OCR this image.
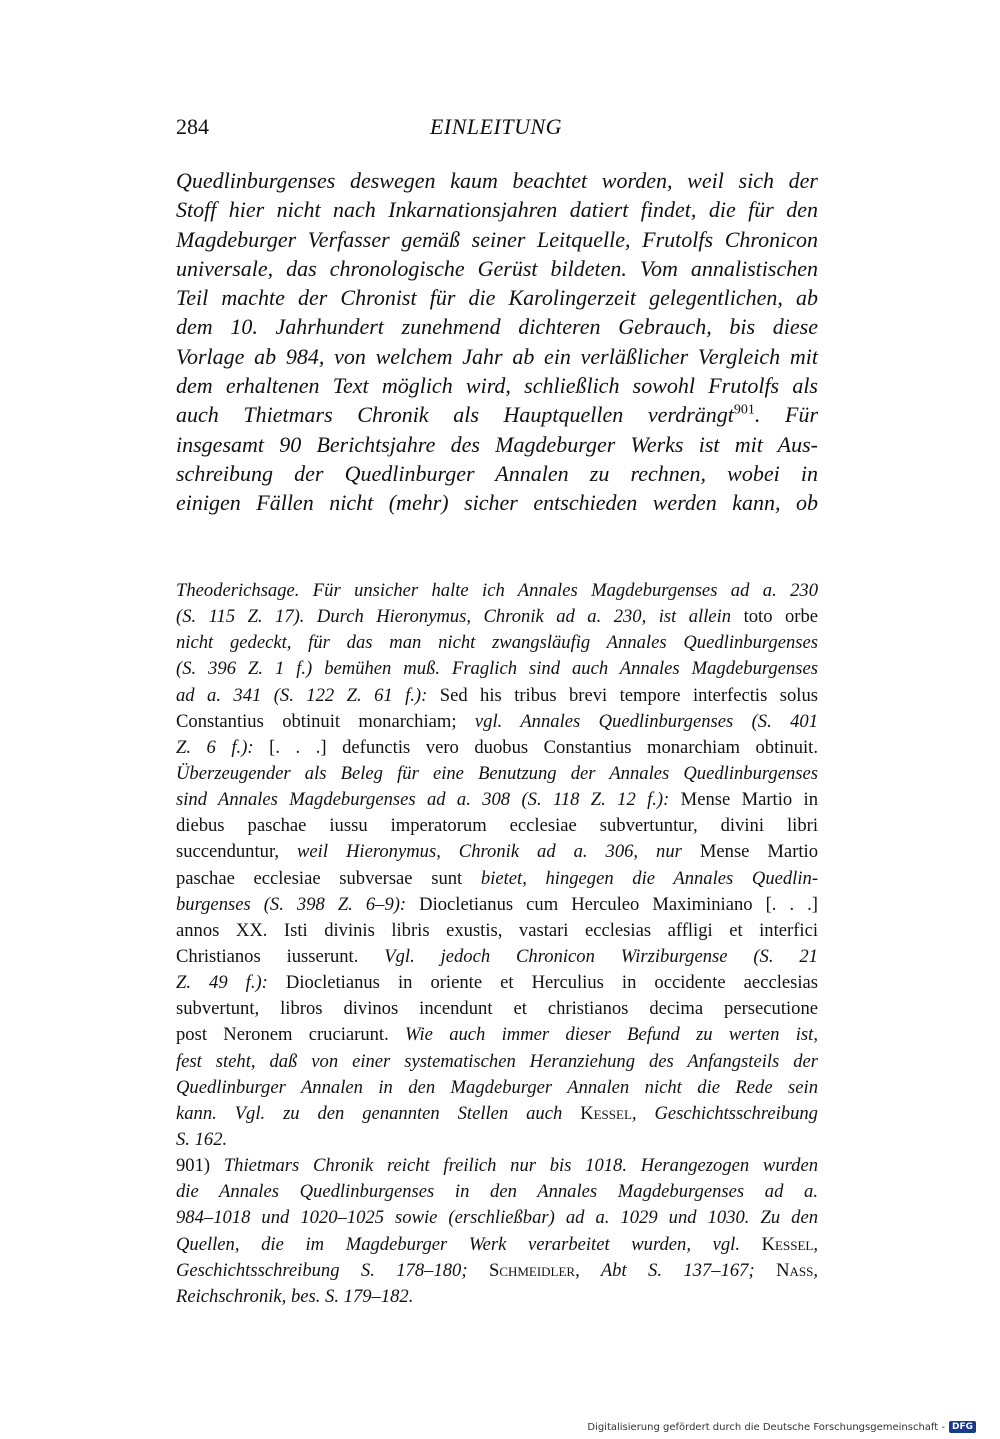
284	EINLEITUNG
Quedlinburgenses deswegen kaum beachtet worden, weil sich der
Stoff hier nicht nach Inkarnationsjahren datiert findet, die für den
Magdeburger Verfasser gemäß seiner Leitquelle, Frutolfs Chronicon
universale, das chronologische Gerüst bildeten. Vom annalistischen
Teil machte der Chronist für die Karolingerzeit gelegentlichen, ab
dem 10. Jahrhundert zunehmend dichteren Gebrauch, bis diese
Vorlage ab 984, von welchem Jahr ab ein verläßlicher Vergleich mit
dem erhaltenen Text möglich wird, schließlich sowohl Frutolfs als
auch Thietmars Chronik als Hauptquellen verdrängt$^{901}$. Für
insgesamt 90 Berichtsjahre des Magdeburger Werks ist mit Aus-
schreibung der Quedlinburger Annalen zu rechnen, wobei in
einigen Fällen nicht (mehr) sicher entschieden werden kann, ob
Theoderichsage. Für unsicher halte ich Annales Magdeburgenses ad a. 230
(S. 115 Z. 17). Durch Hieronymus, Chronik ad a. 230, ist allein toto orbe
nicht gedeckt, für das man nicht zwangsläufig Annales Quedlinburgenses
(S. 396 Z. 1 f.) bemühen muß. Fraglich sind auch Annales Magdeburgenses
ad a. 341 (S. 122 Z. 61 f.): Sed his tribus brevi tempore interfectis solus
Constantius obtinuit monarchiam; vgl. Annales Quedlinburgenses (S. 401
Z. 6 f.): [. . .] defunctis vero duobus Constantius monarchiam obtinuit.
Überzeugender als Beleg für eine Benutzung der Annales Quedlinburgenses
sind Annales Magdeburgenses ad a. 308 (S. 118 Z. 12 f.): Mense Martio in
diebus paschae iussu imperatorum ecclesiae subvertuntur, divini libri
succenduntur, weil Hieronymus, Chronik ad a. 306, nur Mense Martio
paschae ecclesiae subversae sunt bietet, hingegen die Annales Quedlin-
burgenses (S. 398 Z. 6–9): Diocletianus cum Herculeo Maximiniano [. . .]
annos XX. Isti divinis libris exustis, vastari ecclesias affligi et interfici
Christianos iusserunt. Vgl. jedoch Chronicon Wirziburgense (S. 21
Z. 49 f.): Diocletianus in oriente et Herculius in occidente aecclesias
subvertunt, libros divinos incendunt et christianos decima persecutione
post Neronem cruciarunt. Wie auch immer dieser Befund zu werten ist,
fest steht, daß von einer systematischen Heranziehung des Anfangsteils der
Quedlinburger Annalen in den Magdeburger Annalen nicht die Rede sein
kann. Vgl. zu den genannten Stellen auch Kessel, Geschichtsschreibung
S. 162.
901) Thietmars Chronik reicht freilich nur bis 1018. Herangezogen wurden
die Annales Quedlinburgenses in den Annales Magdeburgenses ad a.
984–1018 und 1020–1025 sowie (erschließbar) ad a. 1029 und 1030. Zu den
Quellen, die im Magdeburger Werk verarbeitet wurden, vgl. Kessel,
Geschichtsschreibung S. 178–180; Schmeidler, Abt S. 137–167; Nass,
Reichschronik, bes. S. 179–182.
Digitalisierung gefördert durch die Deutsche Forschungsgemeinschaft - DFG
